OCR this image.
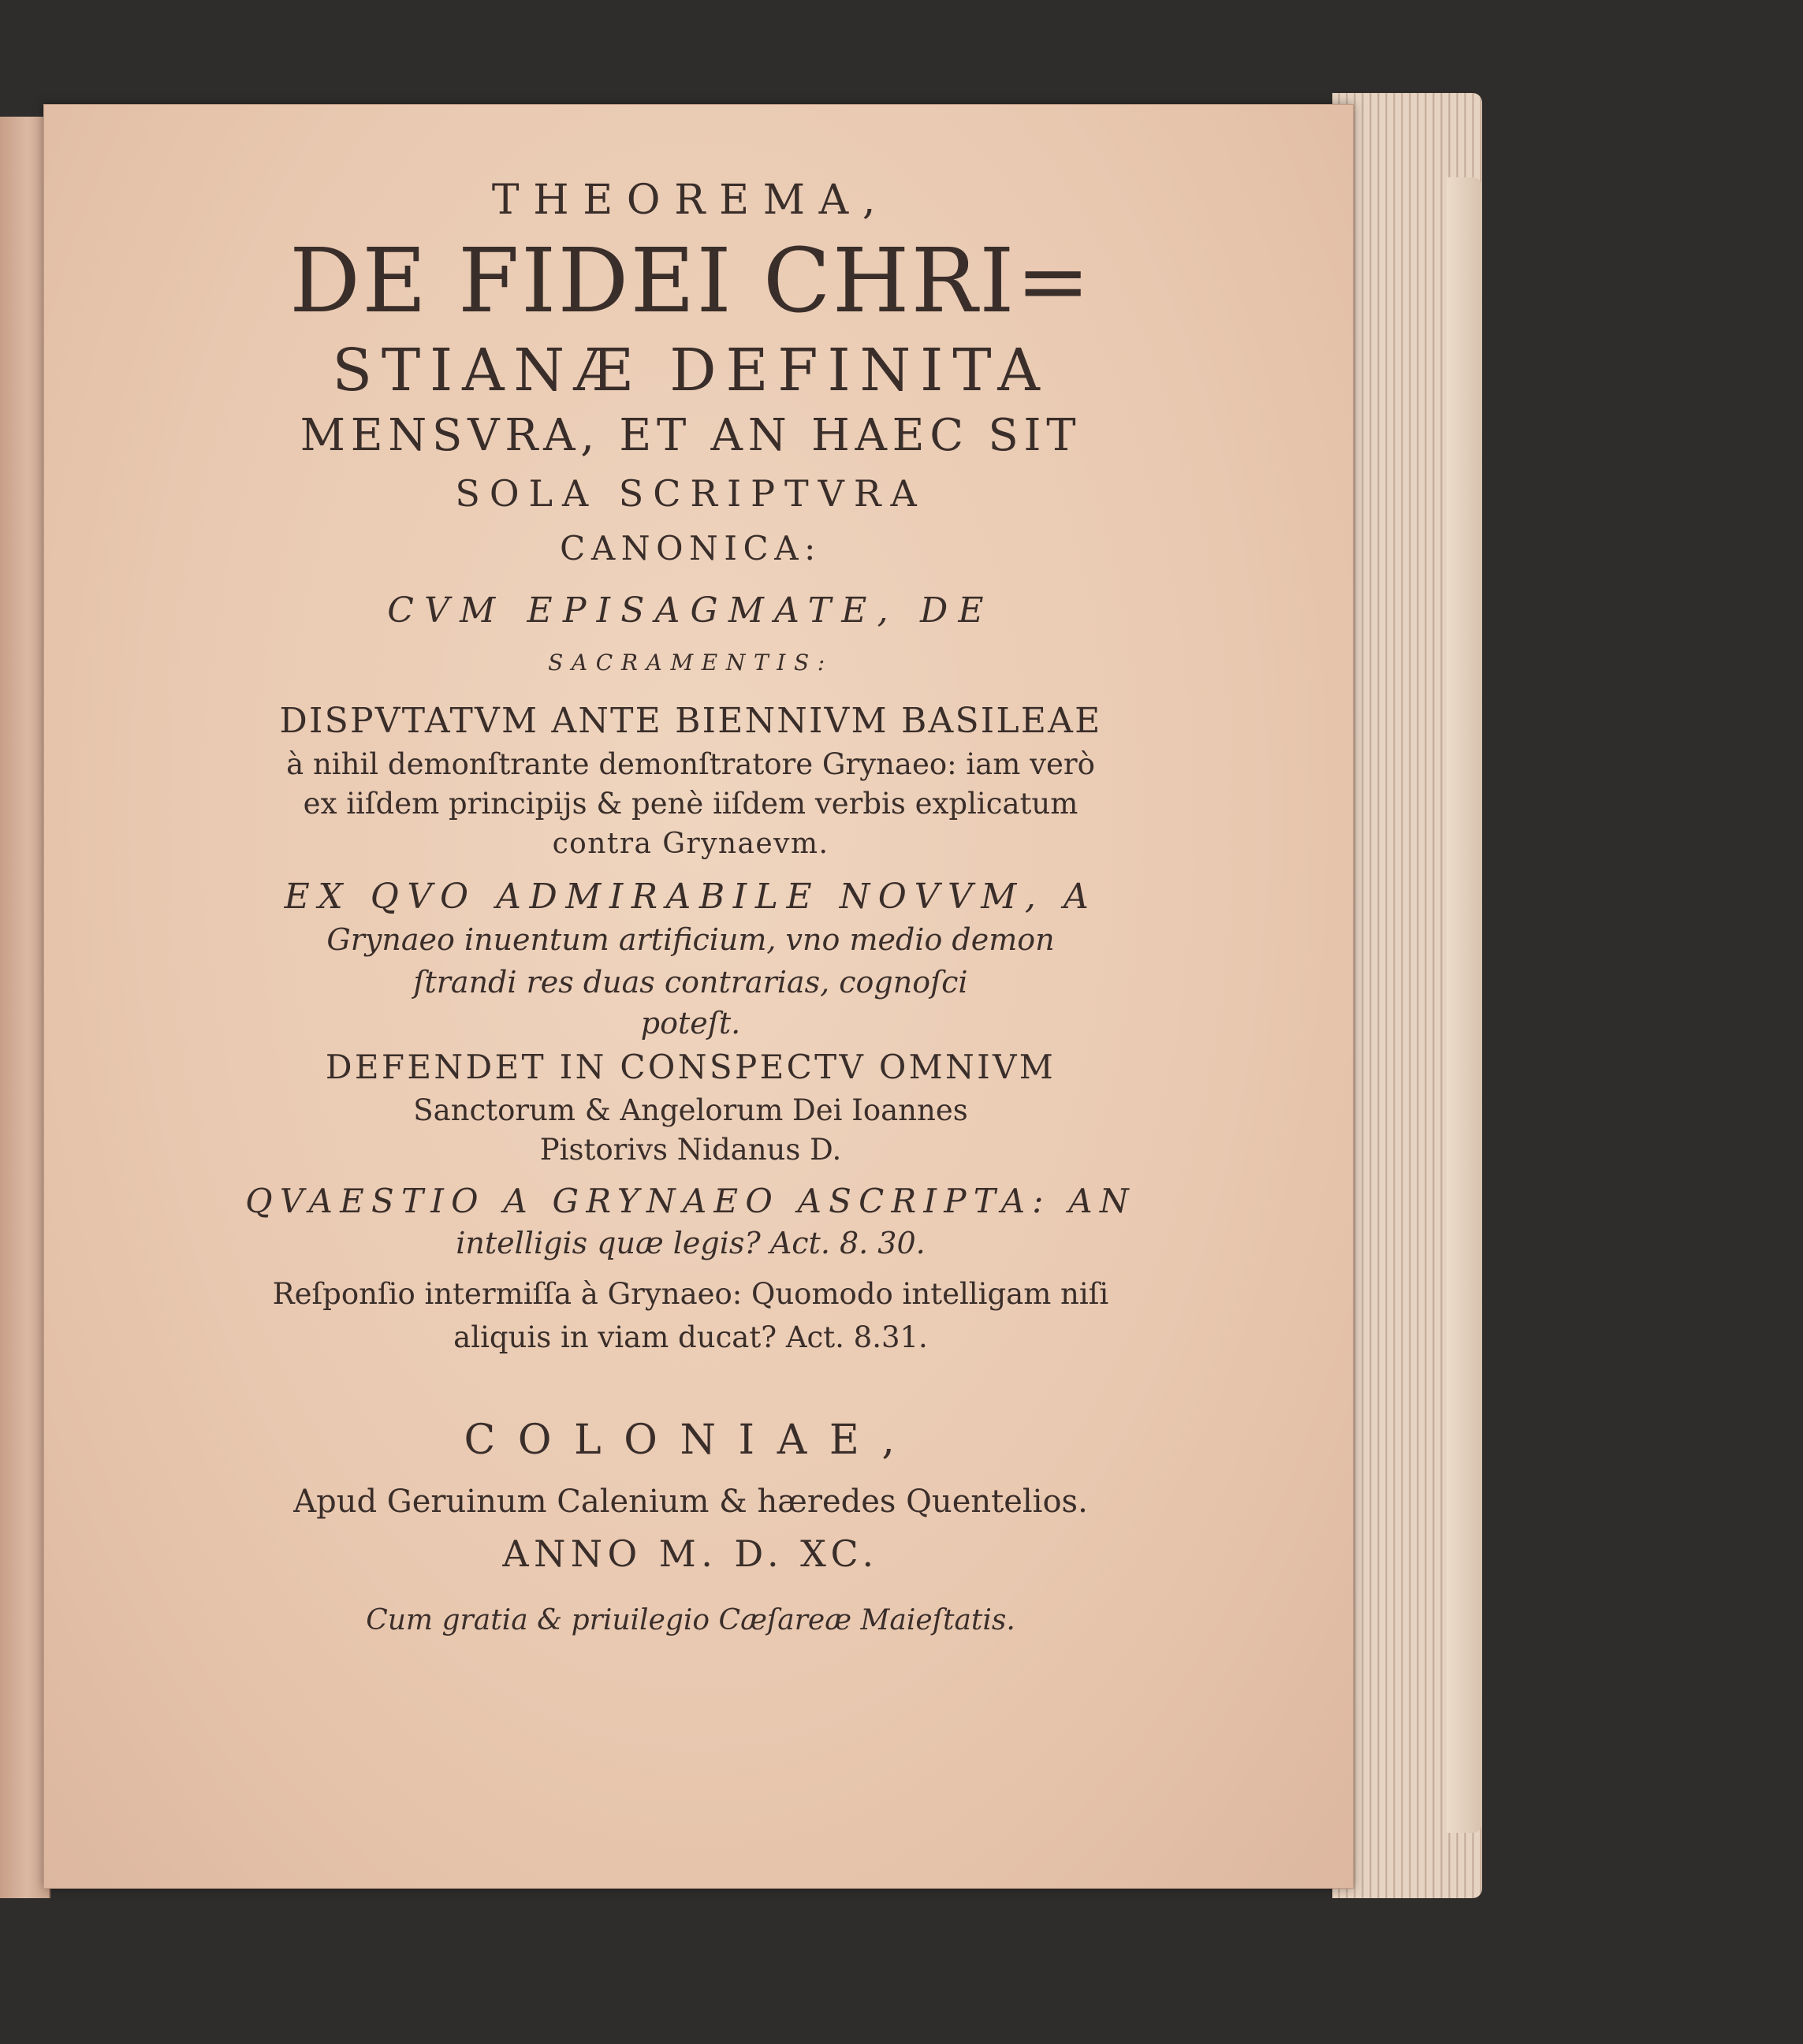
THEOREMA,
DE FIDEI CHRI=
STIANÆ DEFINITA
MENSVRA, ET AN HAEC SIT
SOLA SCRIPTVRA
CANONICA:
CVM EPISAGMATE, DE
SACRAMENTIS:
DISPVTATVM ANTE BIENNIVM BASILEAE
à nihil demonſtrante demonſtratore Grynaeo: iam verò
ex iiſdem principijs & penè iiſdem verbis explicatum
contra Grynaevm.
EX QVO ADMIRABILE NOVVM, A
Grynaeo inuentum artificium, vno medio demon
ſtrandi res duas contrarias, cognoſci
poteſt.
DEFENDET IN CONSPECTV OMNIVM
Sanctorum & Angelorum Dei Ioannes
Pistorivs Nidanus D.
QVAESTIO A GRYNAEO ASCRIPTA: AN
intelligis quæ legis? Act. 8. 30.
Reſponſio intermiſſa à Grynaeo: Quomodo intelligam niſi
aliquis in viam ducat? Act. 8.31.
COLONIAE,
Apud Geruinum Calenium & hæredes Quentelios.
ANNO M. D. XC.
Cum gratia & priuilegio Cæſareæ Maieſtatis.
